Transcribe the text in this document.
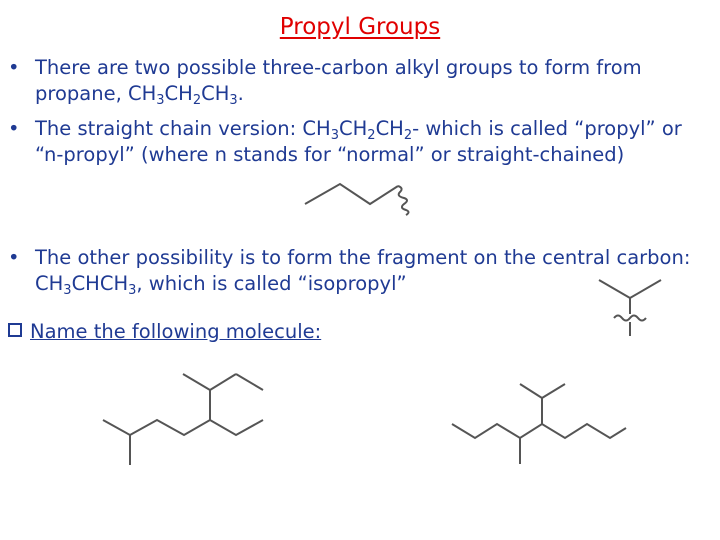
Propyl Groups
• There are two possible three-carbon alkyl groups to form from propane, $CH_3CH_2CH_3$.
• The straight chain version: $CH_3CH_2CH_2-$ which is called “propyl” or “n-propyl” (where n stands for “normal” or straight-chained)
• The other possibility is to form the fragment on the central carbon: $CH_3CHCH_3$, which is called “isopropyl”
Name the following molecule:
